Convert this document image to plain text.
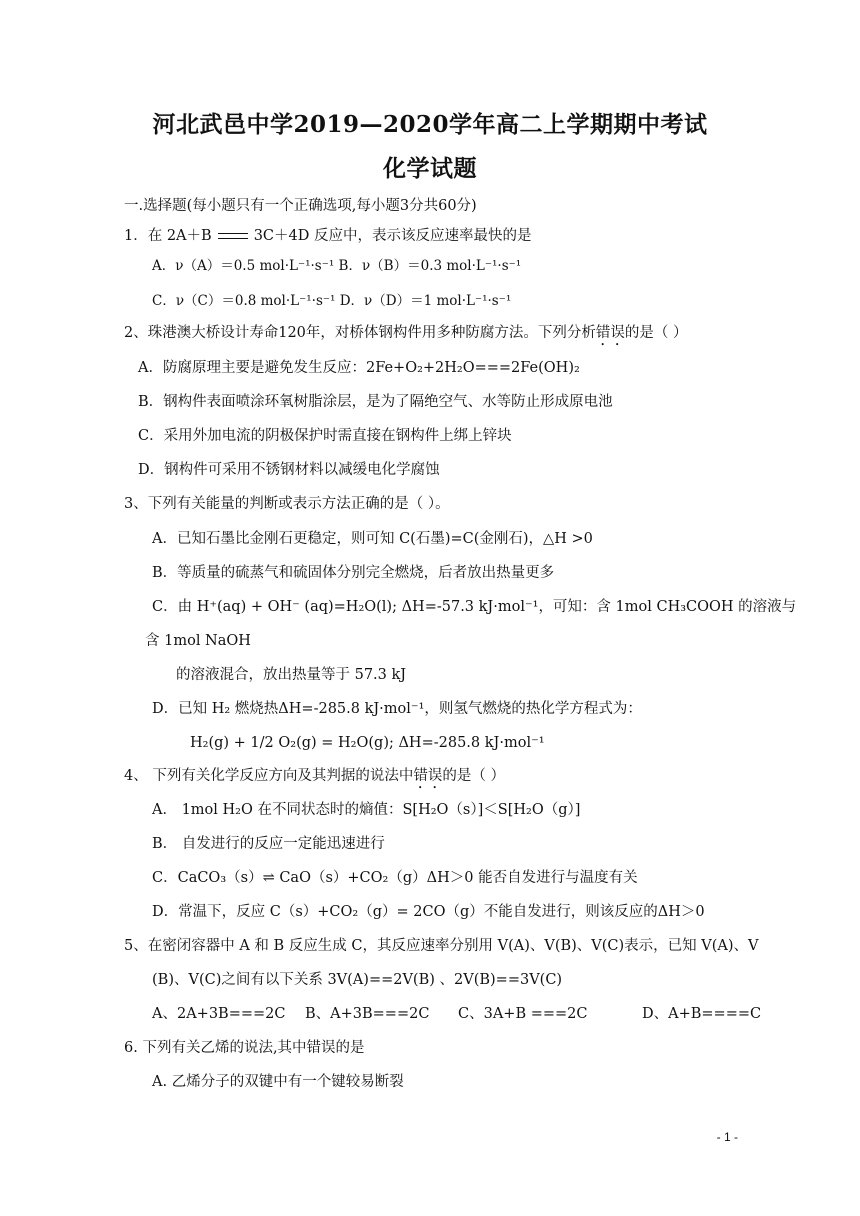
河北武邑中学2019—2020学年高二上学期期中考试
化学试题
一.选择题(每小题只有一个正确选项,每小题3分共60分)
1．在 2A＋B	3C＋4D 反应中，表示该反应速率最快的是
A．ν（A）＝0.5 mol·L⁻¹·s⁻¹ B．ν（B）＝0.3 mol·L⁻¹·s⁻¹
C．ν（C）＝0.8 mol·L⁻¹·s⁻¹ D．ν（D）＝1 mol·L⁻¹·s⁻¹
2、珠港澳大桥设计寿命120年，对桥体钢构件用多种防腐方法。下列分析错误的是（ ）
A．防腐原理主要是避免发生反应：2Fe+O₂+2H₂O===2Fe(OH)₂
B．钢构件表面喷涂环氧树脂涂层，是为了隔绝空气、水等防止形成原电池
C．采用外加电流的阴极保护时需直接在钢构件上绑上锌块
D．钢构件可采用不锈钢材料以减缓电化学腐蚀
3、下列有关能量的判断或表示方法正确的是（ ）。
A．已知石墨比金刚石更稳定，则可知 C(石墨)=C(金刚石)，△H >0
B．等质量的硫蒸气和硫固体分别完全燃烧，后者放出热量更多
C．由 H⁺(aq) + OH⁻ (aq)=H₂O(l); ΔH=-57.3 kJ·mol⁻¹，可知：含 1mol CH₃COOH 的溶液与
含 1mol NaOH
的溶液混合，放出热量等于 57.3 kJ
D．已知 H₂ 燃烧热ΔH=-285.8 kJ·mol⁻¹，则氢气燃烧的热化学方程式为：
H₂(g) + 1/2 O₂(g) = H₂O(g); ΔH=-285.8 kJ·mol⁻¹
4、 下列有关化学反应方向及其判据的说法中错误的是（ ）
A． 1mol H₂O 在不同状态时的熵值：S[H₂O（s）]＜S[H₂O（g）]
B． 自发进行的反应一定能迅速进行
C．CaCO₃（s）⇌ CaO（s）+CO₂（g）ΔH＞0 能否自发进行与温度有关
D．常温下，反应 C（s）+CO₂（g）= 2CO（g）不能自发进行，则该反应的ΔH＞0
5、在密闭容器中 A 和 B 反应生成 C，其反应速率分别用 V(A)、V(B)、V(C)表示，已知 V(A)、V
(B)、V(C)之间有以下关系 3V(A)==2V(B) 、2V(B)==3V(C)
A、2A+3B===2C B、A+3B===2C C、3A+B ===2C	D、A+B====C
6. 下列有关乙烯的说法,其中错误的是
A. 乙烯分子的双键中有一个键较易断裂
- 1 -
